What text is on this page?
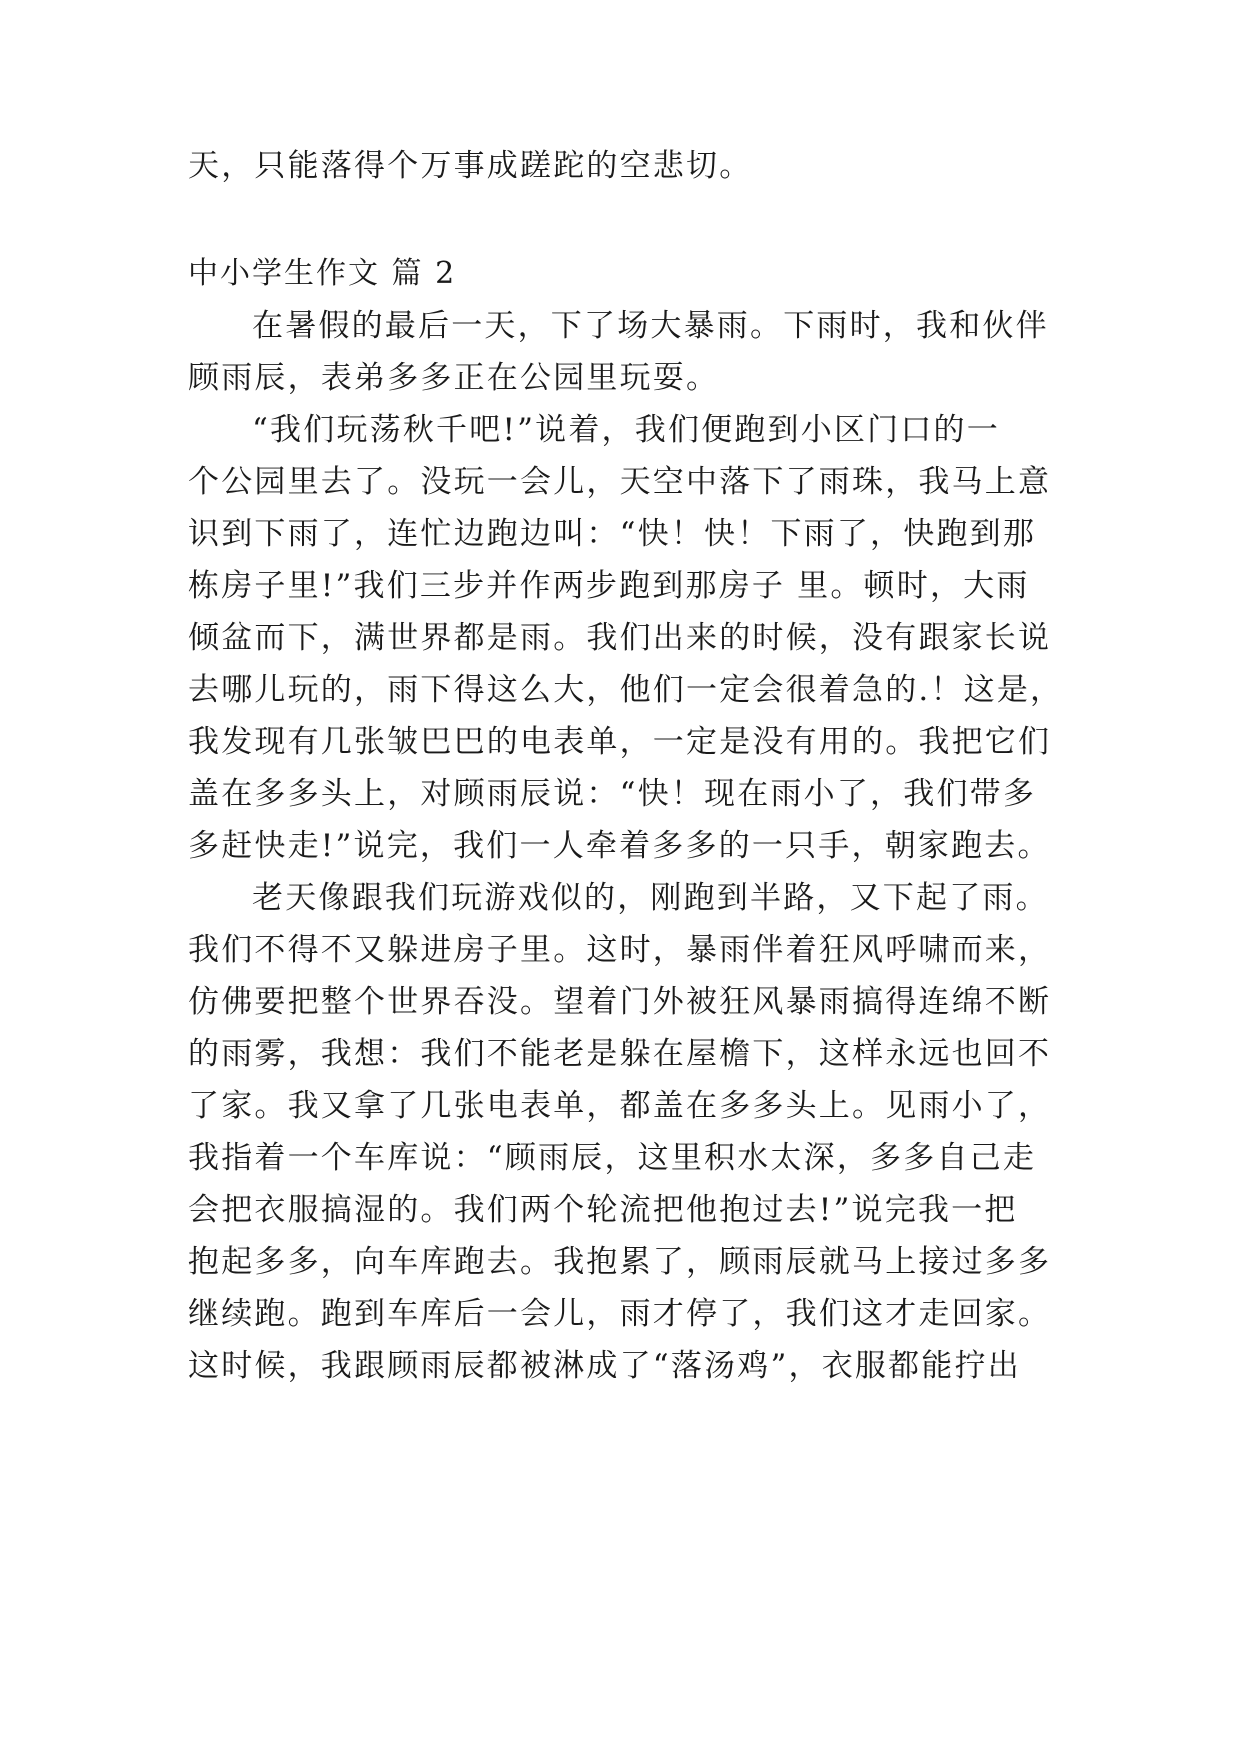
天，只能落得个万事成蹉跎的空悲切。
中小学生作文 篇 2
在暑假的最后一天，下了场大暴雨。下雨时，我和伙伴
顾雨辰，表弟多多正在公园里玩耍。
“我们玩荡秋千吧!”说着，我们便跑到小区门口的一
个公园里去了。没玩一会儿，天空中落下了雨珠，我马上意
识到下雨了，连忙边跑边叫：“快！快！下雨了，快跑到那
栋房子里!”我们三步并作两步跑到那房子 里。顿时，大雨
倾盆而下，满世界都是雨。我们出来的时候，没有跟家长说
去哪儿玩的，雨下得这么大，他们一定会很着急的.！这是，
我发现有几张皱巴巴的电表单，一定是没有用的。我把它们
盖在多多头上，对顾雨辰说：“快！现在雨小了，我们带多
多赶快走!”说完，我们一人牵着多多的一只手，朝家跑去。
老天像跟我们玩游戏似的，刚跑到半路，又下起了雨。
我们不得不又躲进房子里。这时，暴雨伴着狂风呼啸而来，
仿佛要把整个世界吞没。望着门外被狂风暴雨搞得连绵不断
的雨雾，我想：我们不能老是躲在屋檐下，这样永远也回不
了家。我又拿了几张电表单，都盖在多多头上。见雨小了，
我指着一个车库说：“顾雨辰，这里积水太深，多多自己走
会把衣服搞湿的。我们两个轮流把他抱过去!”说完我一把
抱起多多，向车库跑去。我抱累了，顾雨辰就马上接过多多
继续跑。跑到车库后一会儿，雨才停了，我们这才走回家。
这时候，我跟顾雨辰都被淋成了“落汤鸡”，衣服都能拧出
